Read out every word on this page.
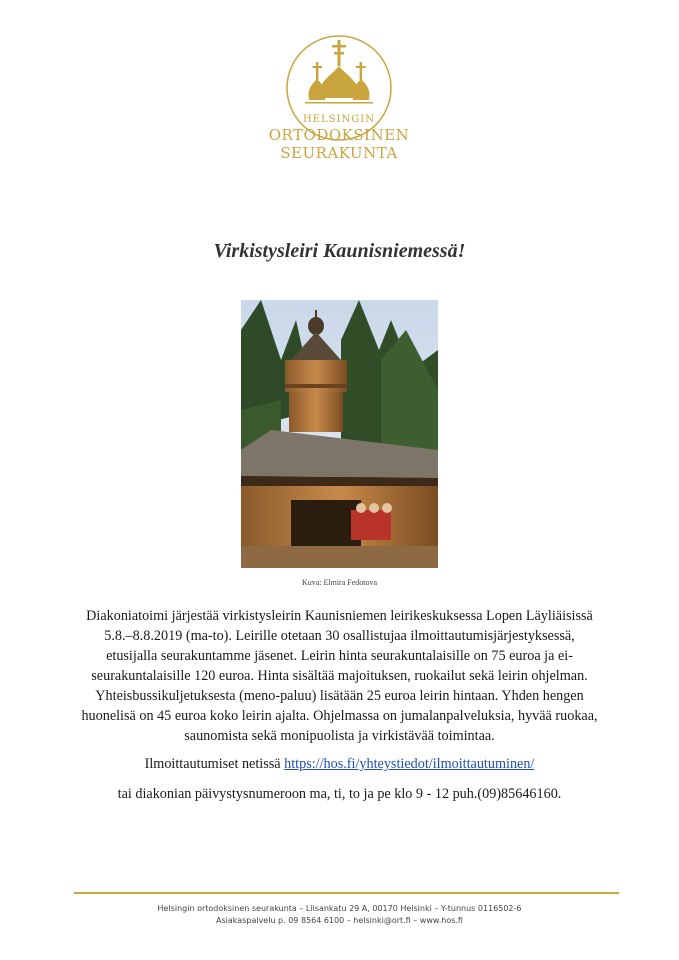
HELSINGIN
ORTODOKSINEN
SEURAKUNTA
Virkistysleiri Kaunisniemessä!
Kuva: Elmira Fedotova

Diakoniatoimi järjestää virkistysleirin Kaunisniemen leirikeskuksessa Lopen Läyliäisissä 5.8.–8.8.2019 (ma-to). Leirille otetaan 30 osallistujaa ilmoittautumisjärjestyksessä, etusijalla seurakuntamme jäsenet. Leirin hinta seurakuntalaisille on 75 euroa ja ei-seurakuntalaisille 120 euroa. Hinta sisältää majoituksen, ruokailut sekä leirin ohjelman. Yhteisbussikuljetuksesta (meno-paluu) lisätään 25 euroa leirin hintaan. Yhden hengen huonelisä on 45 euroa koko leirin ajalta. Ohjelmassa on jumalanpalveluksia, hyvää ruokaa, saunomista sekä monipuolista ja virkistävää toimintaa.

Ilmoittautumiset netissä https://hos.fi/yhteystiedot/ilmoittautuminen/

tai diakonian päivystysnumeroon ma, ti, to ja pe klo 9 - 12 puh.(09)85646160.

Helsingin ortodoksinen seurakunta – Liisankatu 29 A, 00170 Helsinki – Y-tunnus 0116502-6
Asiakaspalvelu p. 09 8564 6100 – helsinki@ort.fi – www.hos.fi
